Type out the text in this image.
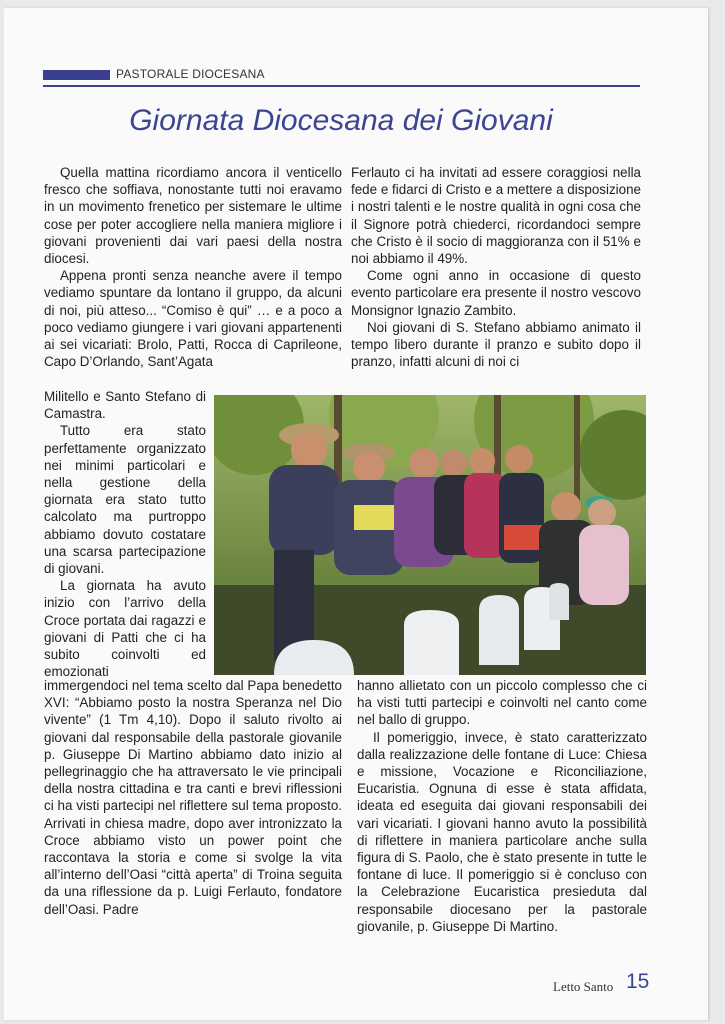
PASTORALE DIOCESANA
Giornata Diocesana dei Giovani

Quella mattina ricordiamo ancora il venticello fresco che soffiava, nonostante tutti noi eravamo in un movimento frenetico per sistemare le ultime cose per poter accogliere nella maniera migliore i giovani provenienti dai vari paesi della nostra diocesi.

Appena pronti senza neanche avere il tempo vediamo spuntare da lontano il gruppo, da alcuni di noi, più atteso... “Comiso è qui” … e a poco a poco vediamo giungere i vari giovani appartenenti ai sei vicariati: Brolo, Patti, Rocca di Caprileone, Capo D’Orlando, Sant’Agata

Militello e Santo Stefano di Camastra.

Tutto era stato perfettamente organizzato nei minimi particolari e nella gestione della giornata era stato tutto calcolato ma purtroppo abbiamo dovuto costatare una scarsa partecipazione di giovani.

La giornata ha avuto inizio con l’arrivo della Croce portata dai ragazzi e giovani di Patti che ci ha subito coinvolti ed emozionati

immergendoci nel tema scelto dal Papa benedetto XVI: “Abbiamo posto la nostra Speranza nel Dio vivente” (1 Tm 4,10). Dopo il saluto rivolto ai giovani dal responsabile della pastorale giovanile p. Giuseppe Di Martino abbiamo dato inizio al pellegrinaggio che ha attraversato le vie principali della nostra cittadina e tra canti e brevi riflessioni ci ha visti partecipi nel riflettere sul tema proposto. Arrivati in chiesa madre, dopo aver intronizzato la Croce abbiamo visto un power point che raccontava la storia e come si svolge la vita all’interno dell’Oasi “città aperta” di Troina seguita da una riflessione da p. Luigi Ferlauto, fondatore dell’Oasi. Padre

Ferlauto ci ha invitati ad essere coraggiosi nella fede e fidarci di Cristo e a mettere a disposizione i nostri talenti e le nostre qualità in ogni cosa che il Signore potrà chiederci, ricordandoci sempre che Cristo è il socio di maggioranza con il 51% e noi abbiamo il 49%.

Come ogni anno in occasione di questo evento particolare era presente il nostro vescovo Monsignor Ignazio Zambito.

Noi giovani di S. Stefano abbiamo animato il tempo libero durante il pranzo e subito dopo il pranzo, infatti alcuni di noi ci

hanno allietato con un piccolo complesso che ci ha visti tutti partecipi e coinvolti nel canto come nel ballo di gruppo.

Il pomeriggio, invece, è stato caratterizzato dalla realizzazione delle fontane di Luce: Chiesa e missione, Vocazione e Riconciliazione, Eucaristia. Ognuna di esse è stata affidata, ideata ed eseguita dai giovani responsabili dei vari vicariati. I giovani hanno avuto la possibilità di riflettere in maniera particolare anche sulla figura di S. Paolo, che è stato presente in tutte le fontane di luce. Il pomeriggio si è concluso con la Celebrazione Eucaristica presieduta dal responsabile diocesano per la pastorale giovanile, p. Giuseppe Di Martino.

Letto Santo 15
